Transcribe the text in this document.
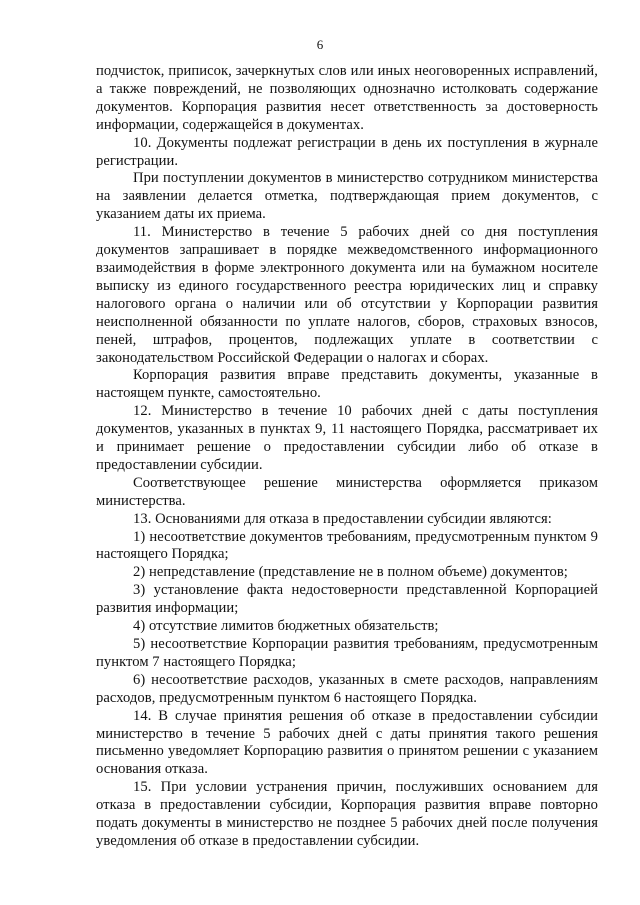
6

подчисток, приписок, зачеркнутых слов или иных неоговоренных исправлений, а также повреждений, не позволяющих однозначно истолковать содержание документов. Корпорация развития несет ответственность за достоверность информации, содержащейся в документах.

10. Документы подлежат регистрации в день их поступления в журнале регистрации.

При поступлении документов в министерство сотрудником министерства на заявлении делается отметка, подтверждающая прием документов, с указанием даты их приема.

11. Министерство в течение 5 рабочих дней со дня поступления документов запрашивает в порядке межведомственного информационного взаимодействия в форме электронного документа или на бумажном носителе выписку из единого государственного реестра юридических лиц и справку налогового органа о наличии или об отсутствии у Корпорации развития неисполненной обязанности по уплате налогов, сборов, страховых взносов, пеней, штрафов, процентов, подлежащих уплате в соответствии с законодательством Российской Федерации о налогах и сборах.

Корпорация развития вправе представить документы, указанные в настоящем пункте, самостоятельно.

12. Министерство в течение 10 рабочих дней с даты поступления документов, указанных в пунктах 9, 11 настоящего Порядка, рассматривает их и принимает решение о предоставлении субсидии либо об отказе в предоставлении субсидии.

Соответствующее решение министерства оформляется приказом министерства.

13. Основаниями для отказа в предоставлении субсидии являются:

1) несоответствие документов требованиям, предусмотренным пунктом 9 настоящего Порядка;

2) непредставление (представление не в полном объеме) документов;

3) установление факта недостоверности представленной Корпорацией развития информации;

4) отсутствие лимитов бюджетных обязательств;

5) несоответствие Корпорации развития требованиям, предусмотренным пунктом 7 настоящего Порядка;

6) несоответствие расходов, указанных в смете расходов, направлениям расходов, предусмотренным пунктом 6 настоящего Порядка.

14. В случае принятия решения об отказе в предоставлении субсидии министерство в течение 5 рабочих дней с даты принятия такого решения письменно уведомляет Корпорацию развития о принятом решении с указанием основания отказа.

15. При условии устранения причин, послуживших основанием для отказа в предоставлении субсидии, Корпорация развития вправе повторно подать документы в министерство не позднее 5 рабочих дней после получения уведомления об отказе в предоставлении субсидии.
